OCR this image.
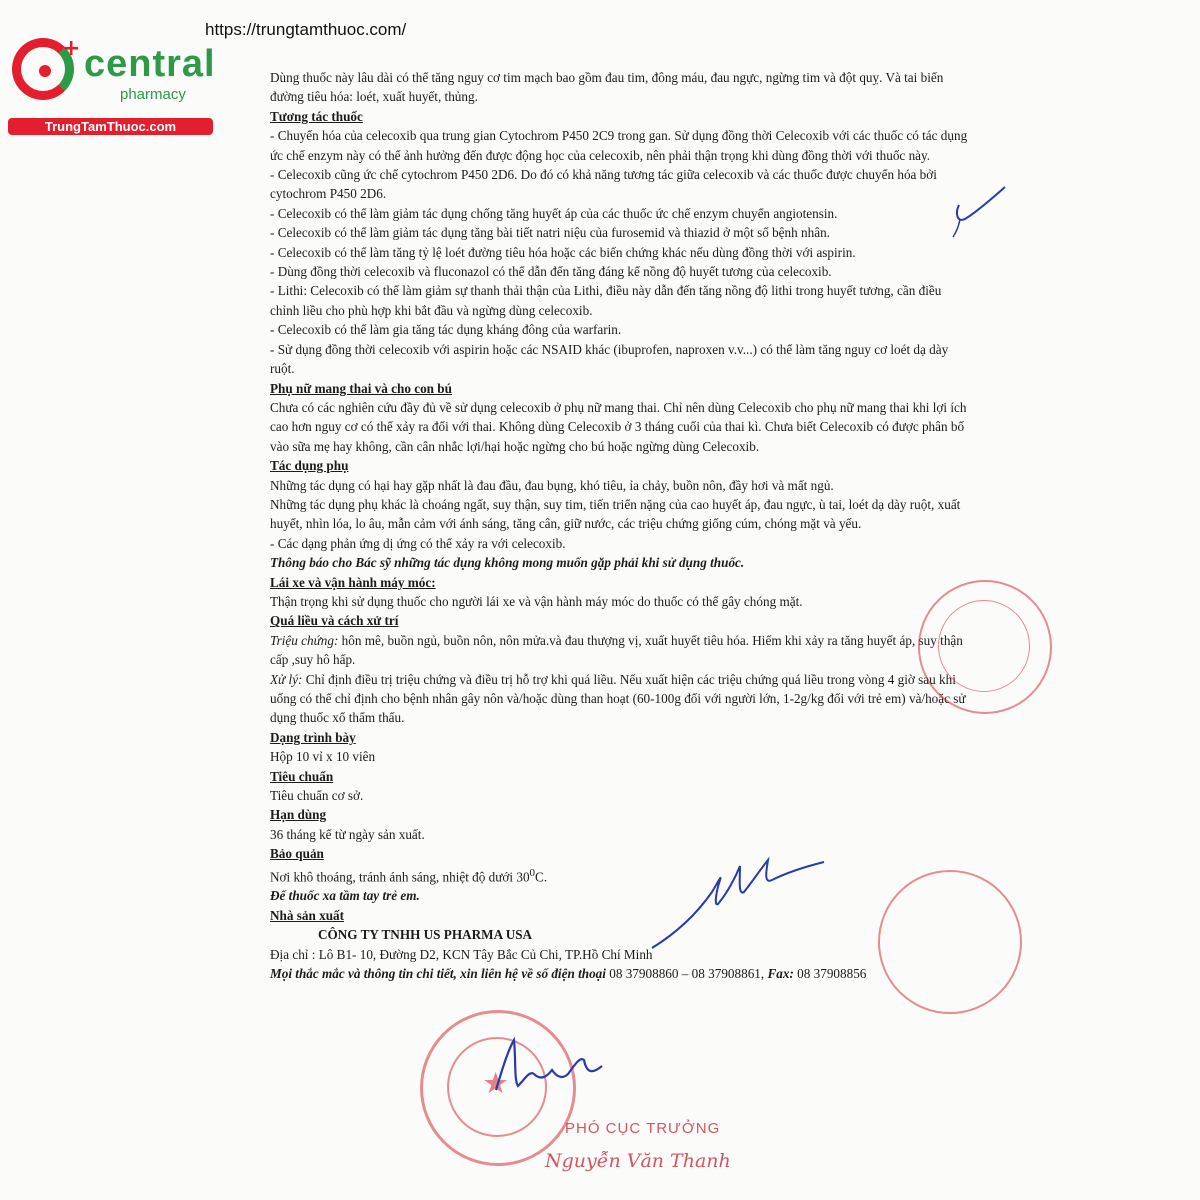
+ central
pharmacy
TrungTamThuoc.com
https://trungtamthuoc.com/

Dùng thuốc này lâu dài có thể tăng nguy cơ tim mạch bao gồm đau tim, đông máu, đau ngực, ngừng tim và đột quỵ. Và tai biến đường tiêu hóa: loét, xuất huyết, thủng.

Tương tác thuốc

- Chuyển hóa của celecoxib qua trung gian Cytochrom P450 2C9 trong gan. Sử dụng đồng thời Celecoxib với các thuốc có tác dụng ức chế enzym này có thể ảnh hưởng đến được động học của celecoxib, nên phải thận trọng khi dùng đồng thời với thuốc này.

- Celecoxib cũng ức chế cytochrom P450 2D6. Do đó có khả năng tương tác giữa celecoxib và các thuốc được chuyển hóa bởi cytochrom P450 2D6.

- Celecoxib có thể làm giảm tác dụng chống tăng huyết áp của các thuốc ức chế enzym chuyển angiotensin.

- Celecoxib có thể làm giảm tác dụng tăng bài tiết natri niệu của furosemid và thiazid ở một số bệnh nhân.

- Celecoxib có thể làm tăng tỷ lệ loét đường tiêu hóa hoặc các biến chứng khác nếu dùng đồng thời với aspirin.

- Dùng đồng thời celecoxib và fluconazol có thể dẫn đến tăng đáng kể nồng độ huyết tương của celecoxib.

- Lithi: Celecoxib có thể làm giảm sự thanh thải thận của Lithi, điều này dẫn đến tăng nồng độ lithi trong huyết tương, cần điều chỉnh liều cho phù hợp khi bắt đầu và ngừng dùng celecoxib.

- Celecoxib có thể làm gia tăng tác dụng kháng đông của warfarin.

- Sử dụng đồng thời celecoxib với aspirin hoặc các NSAID khác (ibuprofen, naproxen v.v...) có thể làm tăng nguy cơ loét dạ dày ruột.

Phụ nữ mang thai và cho con bú

Chưa có các nghiên cứu đầy đủ về sử dụng celecoxib ở phụ nữ mang thai. Chỉ nên dùng Celecoxib cho phụ nữ mang thai khi lợi ích cao hơn nguy cơ có thể xảy ra đối với thai. Không dùng Celecoxib ở 3 tháng cuối của thai kì. Chưa biết Celecoxib có được phân bố vào sữa mẹ hay không, cần cân nhắc lợi/hại hoặc ngừng cho bú hoặc ngừng dùng Celecoxib.

Tác dụng phụ

Những tác dụng có hại hay gặp nhất là đau đầu, đau bụng, khó tiêu, ỉa chảy, buồn nôn, đầy hơi và mất ngủ.

Những tác dụng phụ khác là choáng ngất, suy thận, suy tim, tiến triển nặng của cao huyết áp, đau ngực, ù tai, loét dạ dày ruột, xuất huyết, nhìn lóa, lo âu, mẫn cảm với ánh sáng, tăng cân, giữ nước, các triệu chứng giống cúm, chóng mặt và yếu.

- Các dạng phản ứng dị ứng có thể xảy ra với celecoxib.

Thông báo cho Bác sỹ những tác dụng không mong muốn gặp phải khi sử dụng thuốc.

Lái xe và vận hành máy móc:

Thận trọng khi sử dụng thuốc cho người lái xe và vận hành máy móc do thuốc có thể gây chóng mặt.

Quá liều và cách xử trí

Triệu chứng: hôn mê, buồn ngủ, buồn nôn, nôn mửa.và đau thượng vị, xuất huyết tiêu hóa. Hiếm khi xảy ra tăng huyết áp, suy thận cấp ,suy hô hấp.

Xử lý: Chỉ định điều trị triệu chứng và điều trị hỗ trợ khi quá liều. Nếu xuất hiện các triệu chứng quá liều trong vòng 4 giờ sau khi uống có thể chỉ định cho bệnh nhân gây nôn và/hoặc dùng than hoạt (60-100g đối với người lớn, 1-2g/kg đối với trẻ em) và/hoặc sử dụng thuốc xổ thẩm thấu.

Dạng trình bày

Hộp 10 vỉ x 10 viên

Tiêu chuẩn

Tiêu chuẩn cơ sở.

Hạn dùng

36 tháng kể từ ngày sản xuất.

Bảo quản

Nơi khô thoáng, tránh ánh sáng, nhiệt độ dưới $30^0C$.

Để thuốc xa tầm tay trẻ em.

Nhà sản xuất

CÔNG TY TNHH US PHARMA USA

Địa chỉ : Lô B1- 10, Đường D2, KCN Tây Bắc Củ Chi, TP.Hồ Chí Minh

Mọi thắc mắc và thông tin chi tiết, xin liên hệ về số điện thoại 08 37908860 – 08 37908861, Fax: 08 37908856

★
PHÓ CỤC TRƯỞNG
Nguyễn Văn Thanh
